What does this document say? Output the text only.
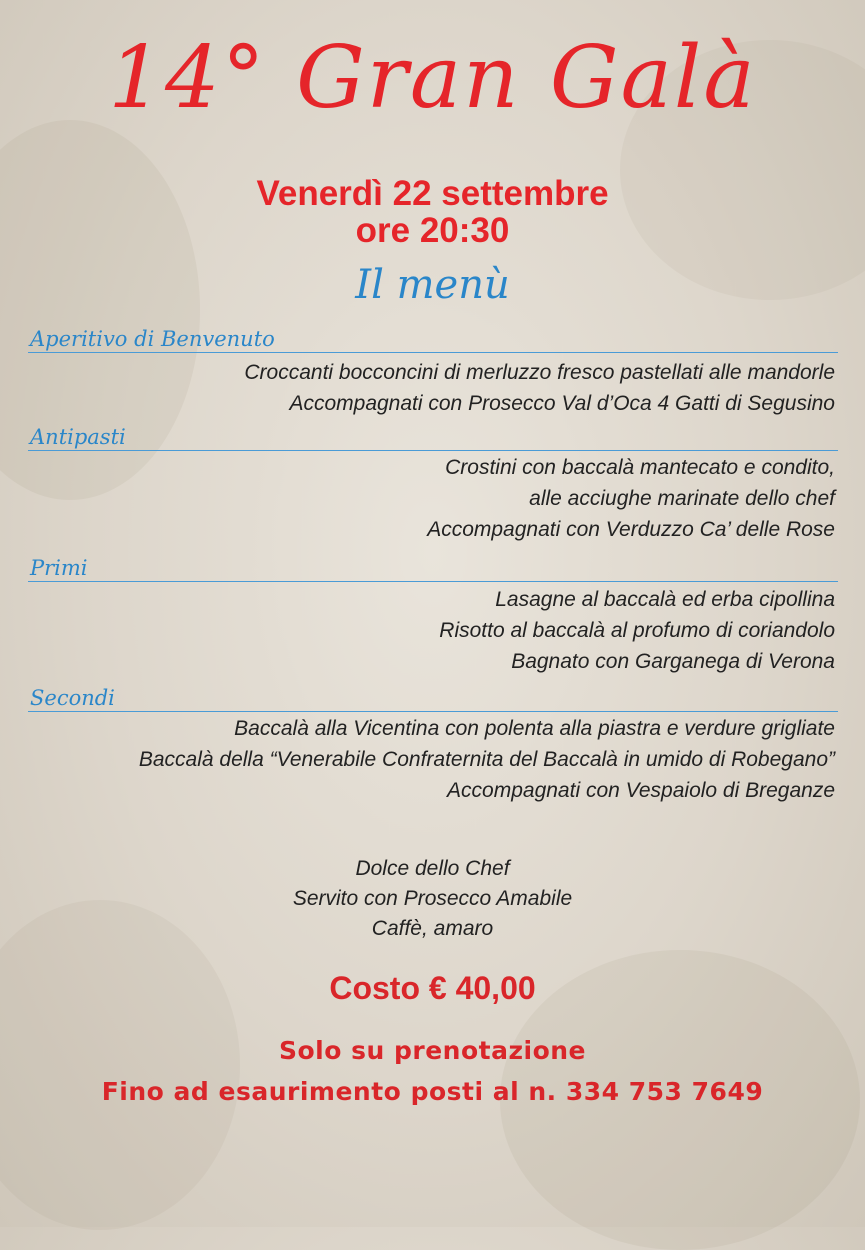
14° Gran Galà
Venerdì 22 settembre
ore 20:30
Il menù
Aperitivo di Benvenuto
Croccanti bocconcini di merluzzo fresco pastellati alle mandorle
Accompagnati con Prosecco Val d’Oca 4 Gatti di Segusino
Antipasti
Crostini con baccalà mantecato e condito,
alle acciughe marinate dello chef
Accompagnati con Verduzzo Ca’ delle Rose
Primi
Lasagne al baccalà ed erba cipollina
Risotto al baccalà al profumo di coriandolo
Bagnato con Garganega di Verona
Secondi
Baccalà alla Vicentina con polenta alla piastra e verdure grigliate
Baccalà della “Venerabile Confraternita del Baccalà in umido di Robegano”
Accompagnati con Vespaiolo di Breganze
Dolce dello Chef
Servito con Prosecco Amabile
Caffè, amaro
Costo € 40,00
Solo su prenotazione
Fino ad esaurimento posti al n. 334 753 7649
